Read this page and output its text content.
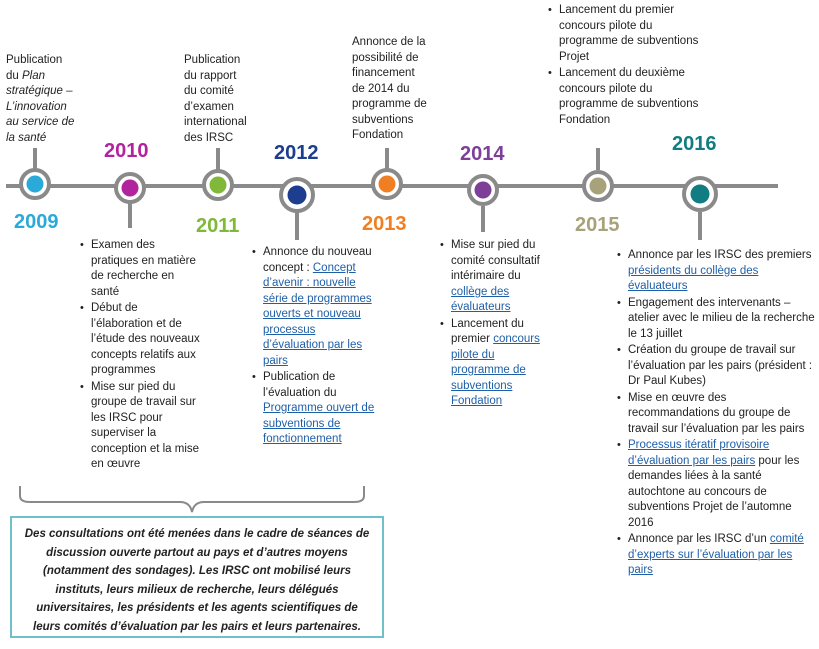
2009
2010
2011
2012
2013
2014
2015
2016
Publication
du Plan
stratégique –
L’innovation
au service de
la santé
Publication
du rapport
du comité
d’examen
international
des IRSC
Annonce de la
possibilité de
financement
de 2014 du
programme de
subventions
Fondation
• Lancement du premier concours pilote du programme de subventions Projet
• Lancement du deuxième concours pilote du programme de subventions Fondation
• Examen des pratiques en matière de recherche en santé
• Début de l’élaboration et de l’étude des nouveaux concepts relatifs aux programmes
• Mise sur pied du groupe de travail sur les IRSC pour superviser la conception et la mise en œuvre
• Annonce du nouveau concept : Concept d’avenir : nouvelle série de programmes ouverts et nouveau processus d’évaluation par les pairs
• Publication de l’évaluation du Programme ouvert de subventions de fonctionnement
• Mise sur pied du comité consultatif intérimaire du collège des évaluateurs
• Lancement du premier concours pilote du programme de subventions Fondation
• Annonce par les IRSC des premiers présidents du collège des évaluateurs
• Engagement des intervenants – atelier avec le milieu de la recherche le 13 juillet
• Création du groupe de travail sur l’évaluation par les pairs (président : Dr Paul Kubes)
• Mise en œuvre des recommandations du groupe de travail sur l’évaluation par les pairs
• Processus itératif provisoire d’évaluation par les pairs pour les demandes liées à la santé autochtone au concours de subventions Projet de l’automne 2016
• Annonce par les IRSC d’un comité d’experts sur l’évaluation par les pairs
Des consultations ont été menées dans le cadre de séances de discussion ouverte partout au pays et d’autres moyens (notamment des sondages). Les IRSC ont mobilisé leurs instituts, leurs milieux de recherche, leurs délégués universitaires, les présidents et les agents scientifiques de leurs comités d’évaluation par les pairs et leurs partenaires.
